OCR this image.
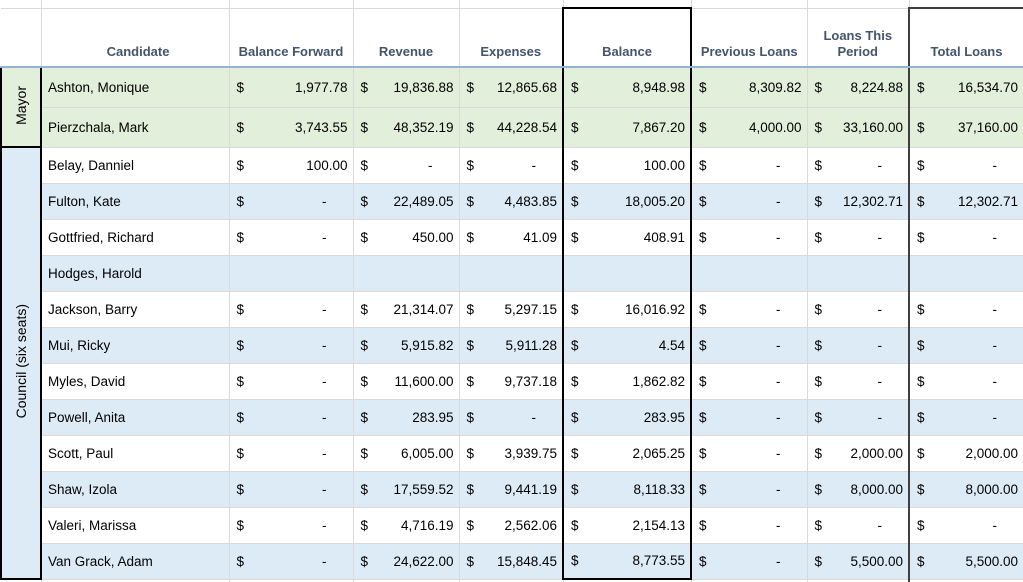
	Candidate	Balance Forward	Revenue	Expenses	Balance	Previous Loans	Loans This Period	Total Loans
Mayor	Ashton, Monique	$ 1,977.78	$ 19,836.88	$ 12,865.68	$ 8,948.98	$ 8,309.82	$ 8,224.88	$ 16,534.70

	Pierzchala, Mark	$ 3,743.55	$ 48,352.19	$ 44,228.54	$ 7,867.20	$ 4,000.00	$ 33,160.00	$ 37,160.00

Council (six seats)	Belay, Danniel	$ 100.00	$ -	$ -	$ 100.00	$ -	$ -	$ -

	Fulton, Kate	$ -	$ 22,489.05	$ 4,483.85	$ 18,005.20	$ -	$ 12,302.71	$ 12,302.71

	Gottfried, Richard	$ -	$ 450.00	$ 41.09	$ 408.91	$ -	$ -	$ -

	Hodges, Harold							
	Jackson, Barry	$ -	$ 21,314.07	$ 5,297.15	$ 16,016.92	$ -	$ -	$ -

	Mui, Ricky	$ -	$ 5,915.82	$ 5,911.28	$ 4.54	$ -	$ -	$ -

	Myles, David	$ -	$ 11,600.00	$ 9,737.18	$ 1,862.82	$ -	$ -	$ -

	Powell, Anita	$ -	$ 283.95	$ -	$ 283.95	$ -	$ -	$ -

	Scott, Paul	$ -	$ 6,005.00	$ 3,939.75	$ 2,065.25	$ -	$ 2,000.00	$ 2,000.00

	Shaw, Izola	$ -	$ 17,559.52	$ 9,441.19	$ 8,118.33	$ -	$ 8,000.00	$ 8,000.00

	Valeri, Marissa	$ -	$ 4,716.19	$ 2,562.06	$ 2,154.13	$ -	$ -	$ -

	Van Grack, Adam	$ -	$ 24,622.00	$ 15,848.45	$ 8,773.55	$ -	$ 5,500.00	$ 5,500.00
